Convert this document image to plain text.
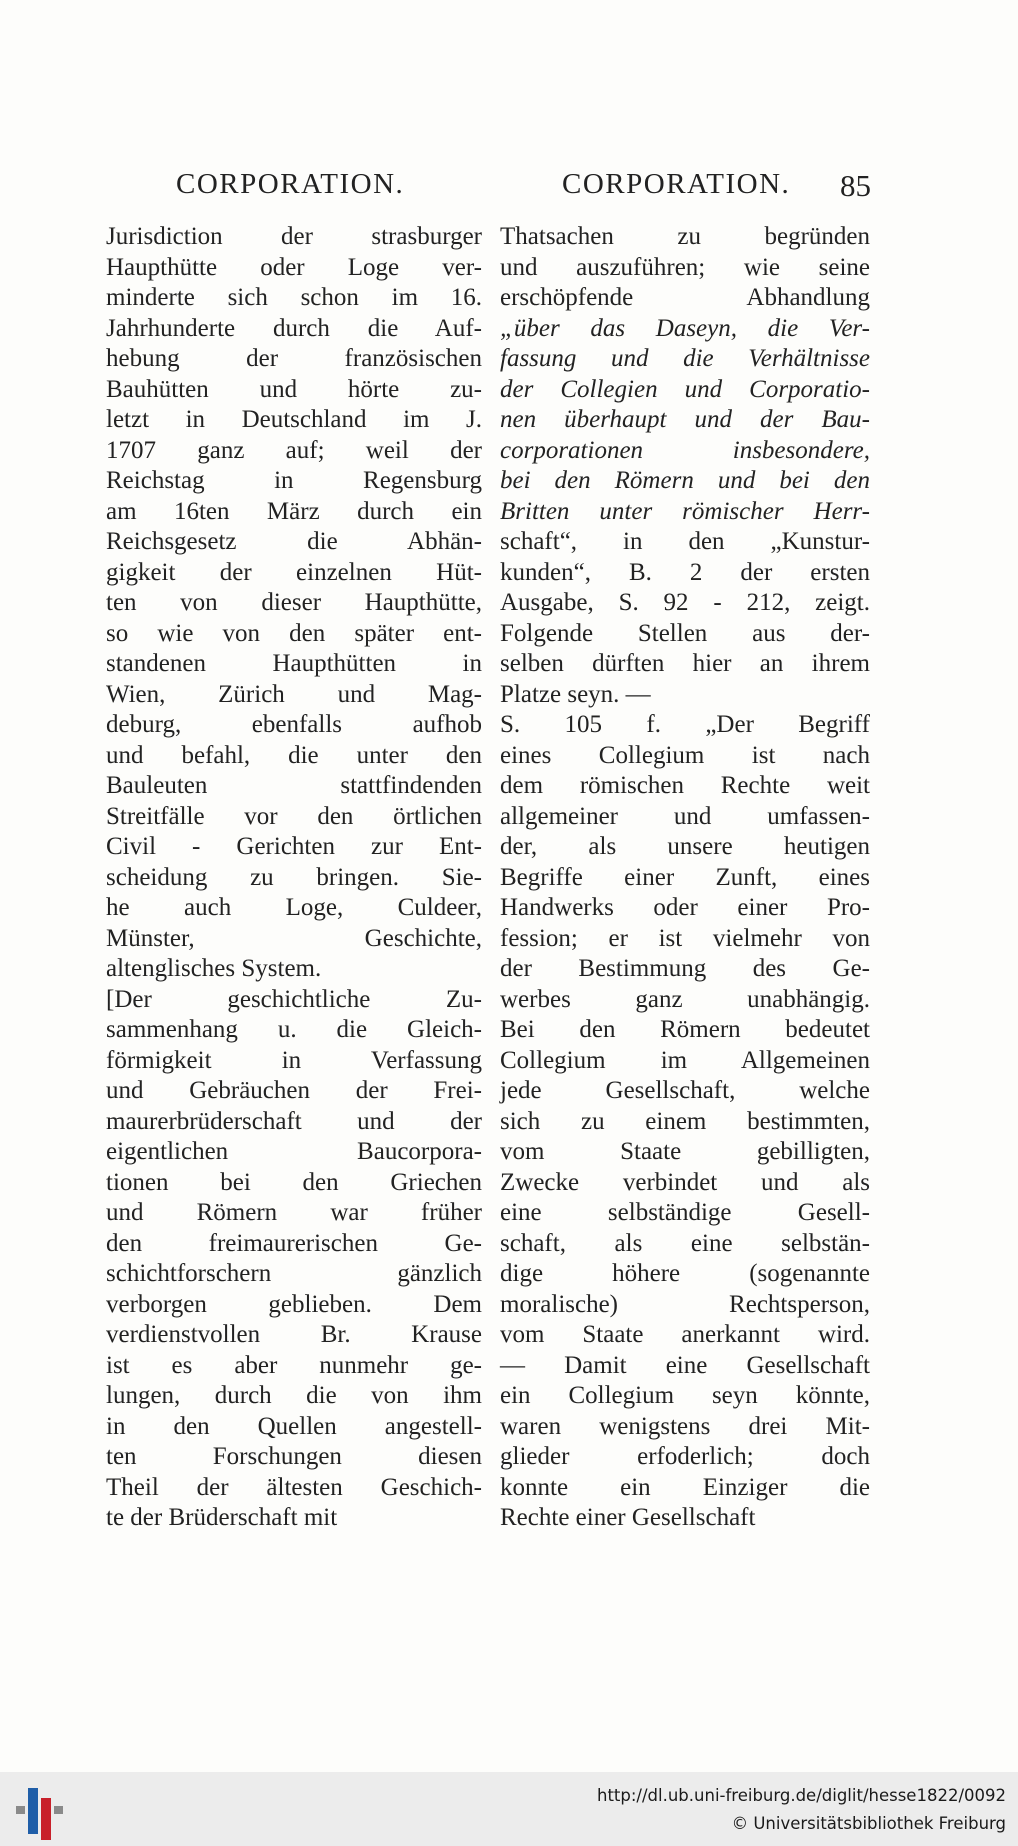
CORPORATION.	CORPORATION. 85
Jurisdiction der strasburger
Haupthütte oder Loge ver-
minderte sich schon im 16.
Jahrhunderte durch die Auf-
hebung der französischen
Bauhütten und hörte zu-
letzt in Deutschland im J.
1707 ganz auf; weil der
Reichstag in Regensburg
am 16ten März durch ein
Reichsgesetz die Abhän-
gigkeit der einzelnen Hüt-
ten von dieser Haupthütte,
so wie von den später ent-
standenen Haupthütten in
Wien, Zürich und Mag-
deburg, ebenfalls aufhob
und befahl, die unter den
Bauleuten stattfindenden
Streitfälle vor den örtlichen
Civil - Gerichten zur Ent-
scheidung zu bringen. Sie-
he auch Loge, Culdeer,
Münster, Geschichte,
altenglisches System.
[Der geschichtliche Zu-
sammenhang u. die Gleich-
förmigkeit in Verfassung
und Gebräuchen der Frei-
maurerbrüderschaft und der
eigentlichen Baucorpora-
tionen bei den Griechen
und Römern war früher
den freimaurerischen Ge-
schichtforschern gänzlich
verborgen geblieben. Dem
verdienstvollen Br. Krause
ist es aber nunmehr ge-
lungen, durch die von ihm
in den Quellen angestell-
ten Forschungen diesen
Theil der ältesten Geschich-
te der Brüderschaft mit
Thatsachen zu begründen
und auszuführen; wie seine
erschöpfende Abhandlung
„über das Daseyn, die Ver-
fassung und die Verhältnisse
der Collegien und Corporatio-
nen überhaupt und der Bau-
corporationen insbesondere,
bei den Römern und bei den
Britten unter römischer Herr-
schaft“, in den „Kunstur-
kunden“, B. 2 der ersten
Ausgabe, S. 92 - 212, zeigt.
Folgende Stellen aus der-
selben dürften hier an ihrem
Platze seyn. —
S. 105 f. „Der Begriff
eines Collegium ist nach
dem römischen Rechte weit
allgemeiner und umfassen-
der, als unsere heutigen
Begriffe einer Zunft, eines
Handwerks oder einer Pro-
fession; er ist vielmehr von
der Bestimmung des Ge-
werbes ganz unabhängig.
Bei den Römern bedeutet
Collegium im Allgemeinen
jede Gesellschaft, welche
sich zu einem bestimmten,
vom Staate gebilligten,
Zwecke verbindet und als
eine selbständige Gesell-
schaft, als eine selbstän-
dige höhere (sogenannte
moralische) Rechtsperson,
vom Staate anerkannt wird.
— Damit eine Gesellschaft
ein Collegium seyn könnte,
waren wenigstens drei Mit-
glieder erfoderlich; doch
konnte ein Einziger die
Rechte einer Gesellschaft
http://dl.ub.uni-freiburg.de/diglit/hesse1822/0092
© Universitätsbibliothek Freiburg
